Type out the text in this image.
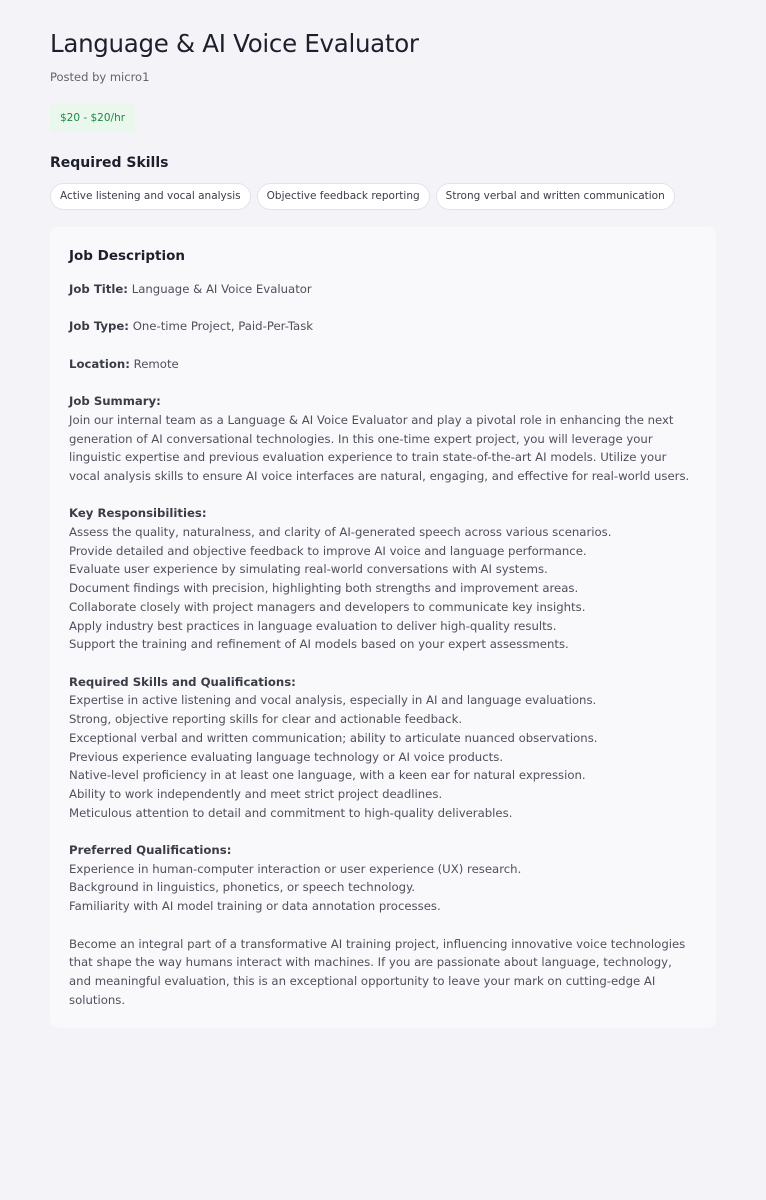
Language & AI Voice Evaluator
Posted by micro1
$20 - $20/hr
Required Skills
Active listening and vocal analysis	Objective feedback reporting	Strong verbal and written communication
Job Description

Job Title: Language & AI Voice Evaluator

Job Type: One-time Project, Paid-Per-Task

Location: Remote

Job Summary:
Join our internal team as a Language & AI Voice Evaluator and play a pivotal role in enhancing the next generation of AI conversational technologies. In this one-time expert project, you will leverage your linguistic expertise and previous evaluation experience to train state-of-the-art AI models. Utilize your vocal analysis skills to ensure AI voice interfaces are natural, engaging, and effective for real-world users.

Key Responsibilities:
Assess the quality, naturalness, and clarity of AI-generated speech across various scenarios.
Provide detailed and objective feedback to improve AI voice and language performance.
Evaluate user experience by simulating real-world conversations with AI systems.
Document findings with precision, highlighting both strengths and improvement areas.
Collaborate closely with project managers and developers to communicate key insights.
Apply industry best practices in language evaluation to deliver high-quality results.
Support the training and refinement of AI models based on your expert assessments.

Required Skills and Qualifications:
Expertise in active listening and vocal analysis, especially in AI and language evaluations.
Strong, objective reporting skills for clear and actionable feedback.
Exceptional verbal and written communication; ability to articulate nuanced observations.
Previous experience evaluating language technology or AI voice products.
Native-level proficiency in at least one language, with a keen ear for natural expression.
Ability to work independently and meet strict project deadlines.
Meticulous attention to detail and commitment to high-quality deliverables.

Preferred Qualifications:
Experience in human-computer interaction or user experience (UX) research.
Background in linguistics, phonetics, or speech technology.
Familiarity with AI model training or data annotation processes.

Become an integral part of a transformative AI training project, influencing innovative voice technologies that shape the way humans interact with machines. If you are passionate about language, technology, and meaningful evaluation, this is an exceptional opportunity to leave your mark on cutting-edge AI solutions.
